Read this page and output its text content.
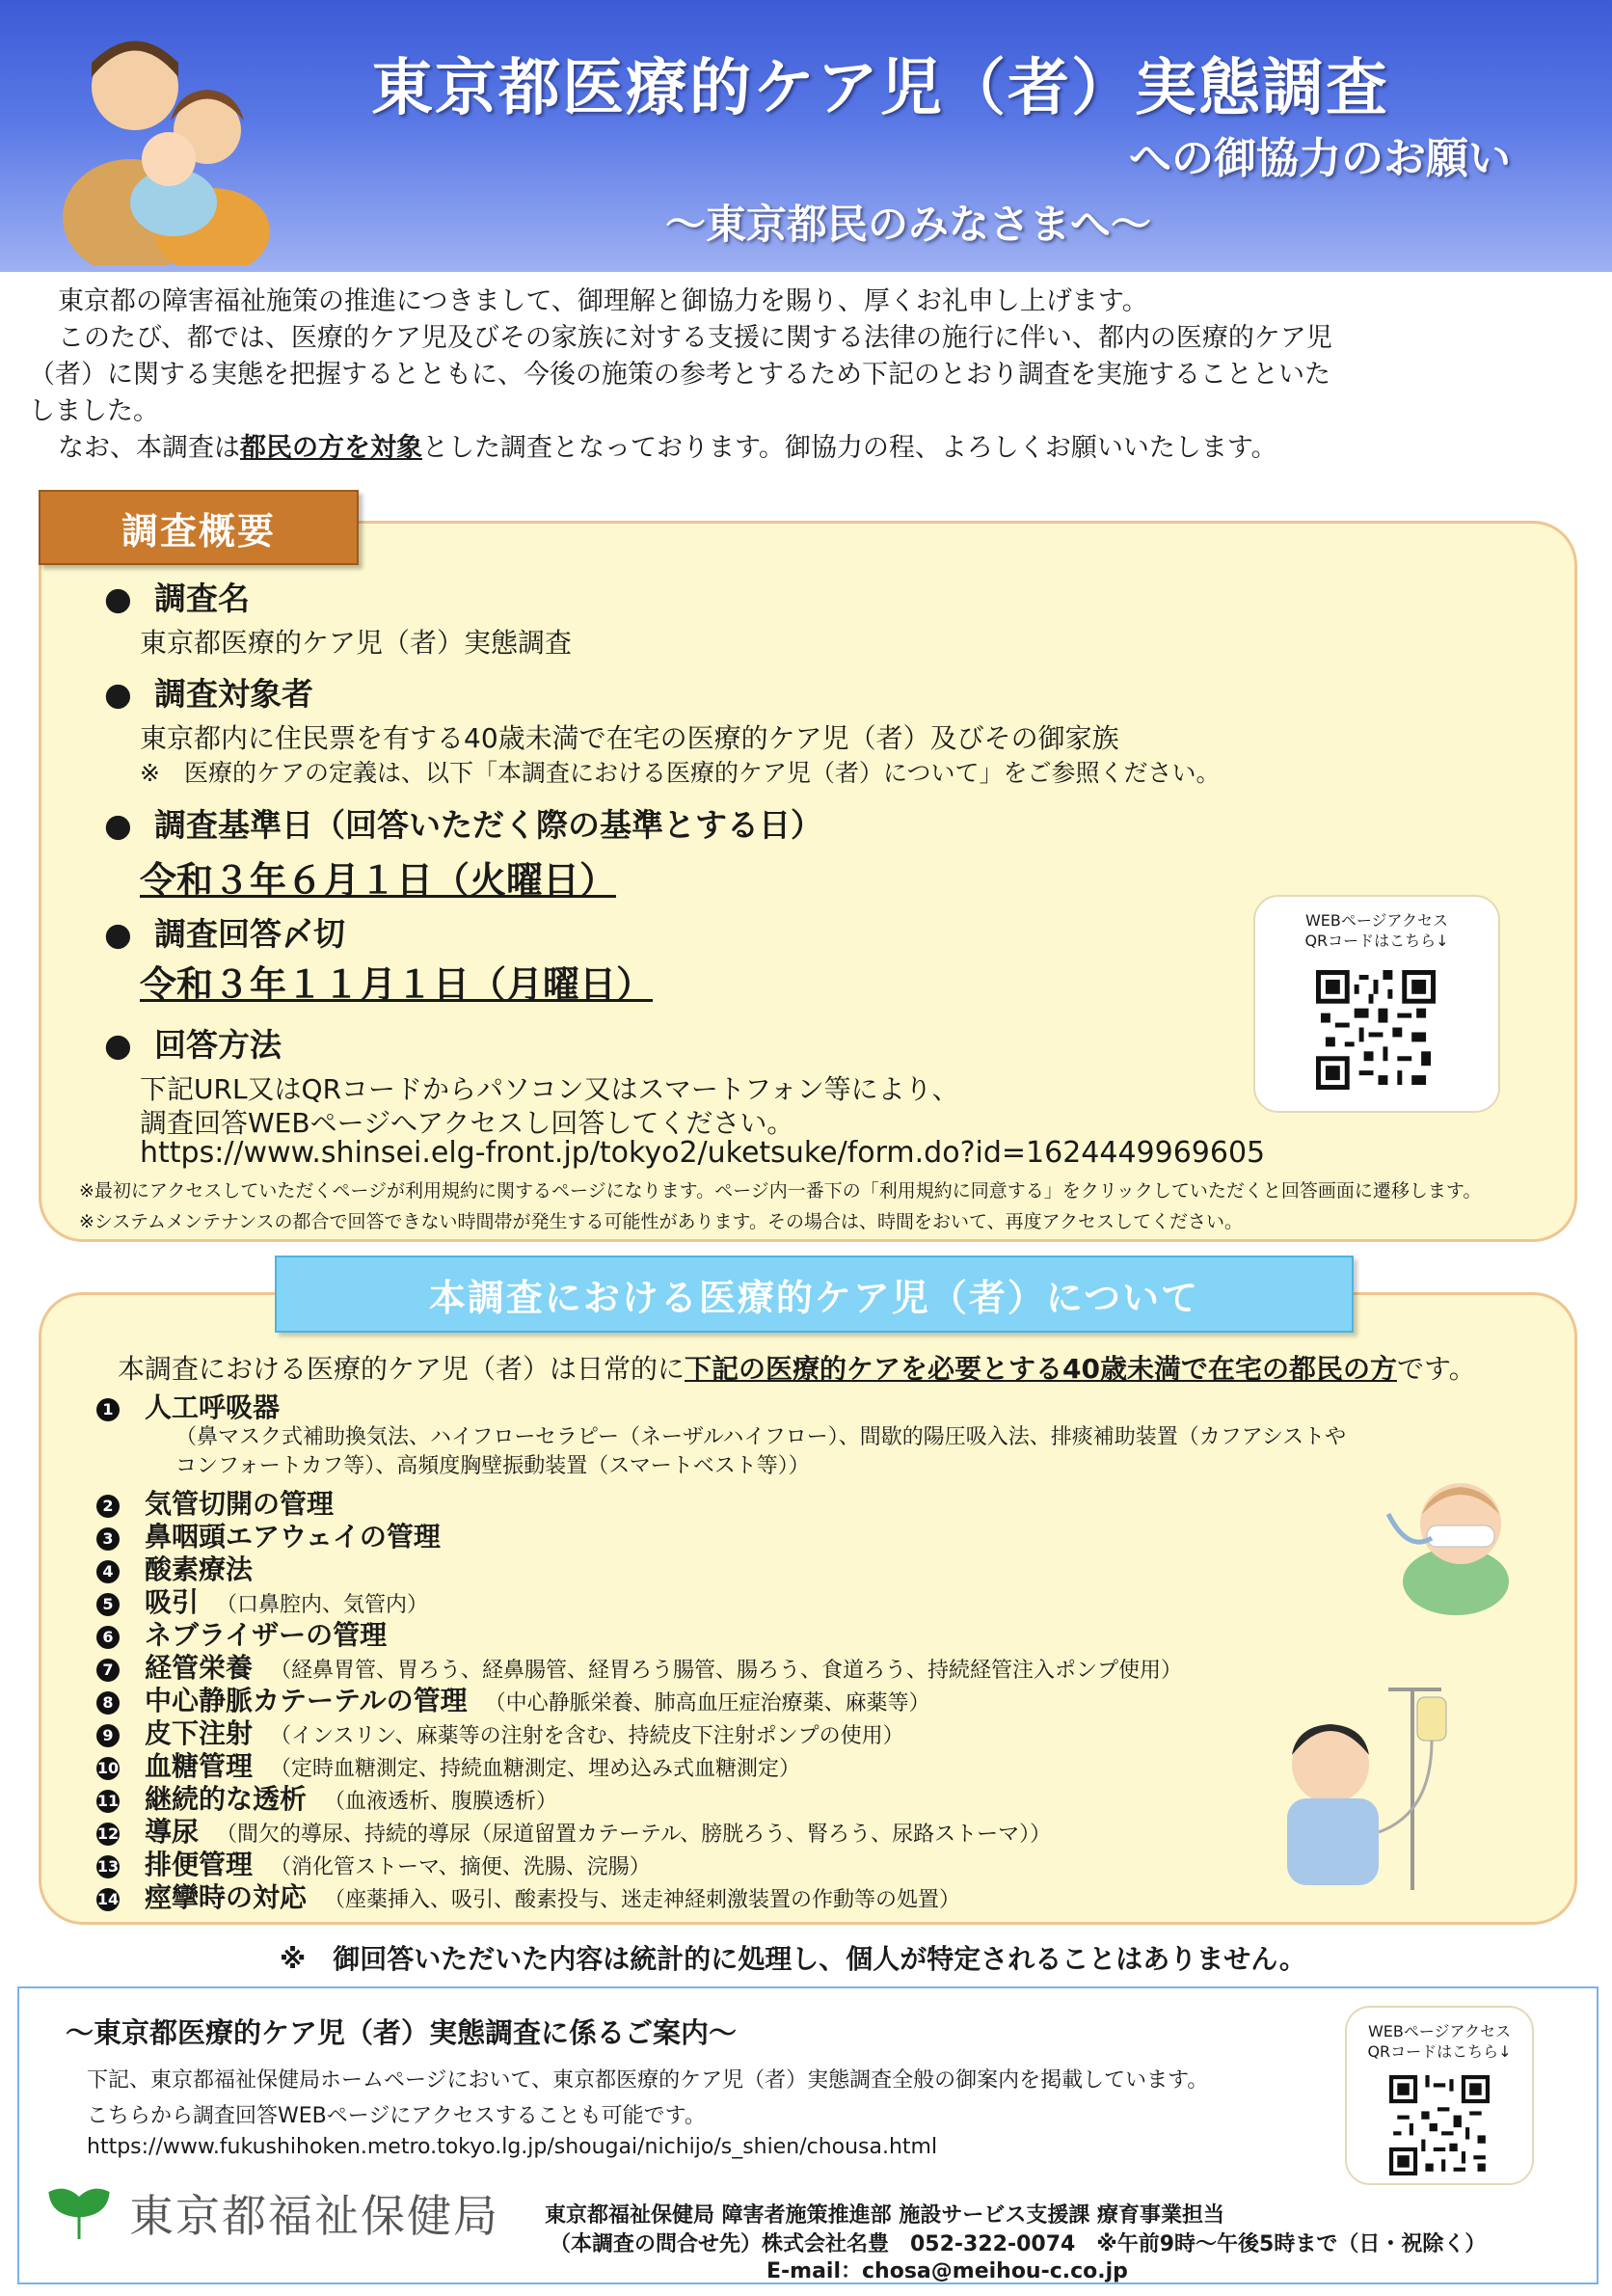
東京都医療的ケア児（者）実態調査
への御協力のお願い
～東京都民のみなさまへ～

東京都の障害福祉施策の推進につきまして、御理解と御協力を賜り、厚くお礼申し上げます。

このたび、都では、医療的ケア児及びその家族に対する支援に関する法律の施行に伴い、都内の医療的ケア児

（者）に関する実態を把握するとともに、今後の施策の参考とするため下記のとおり調査を実施することといた

しました。

なお、本調査は都民の方を対象とした調査となっております。御協力の程、よろしくお願いいたします。

調査概要
● 調査名
東京都医療的ケア児（者）実態調査
● 調査対象者
東京都内に住民票を有する40歳未満で在宅の医療的ケア児（者）及びその御家族
※　医療的ケアの定義は、以下「本調査における医療的ケア児（者）について」をご参照ください。
● 調査基準日（回答いただく際の基準とする日）
令和３年６月１日（火曜日）
● 調査回答〆切
令和３年１１月１日（月曜日）
● 回答方法
下記URL又はQRコードからパソコン又はスマートフォン等により、
調査回答WEBページへアクセスし回答してください。
https://www.shinsei.elg-front.jp/tokyo2/uketsuke/form.do?id=1624449969605
※最初にアクセスしていただくページが利用規約に関するページになります。ページ内一番下の「利用規約に同意する」をクリックしていただくと回答画面に遷移します。
※システムメンテナンスの都合で回答できない時間帯が発生する可能性があります。その場合は、時間をおいて、再度アクセスしてください。
WEBページアクセス
QRコードはこちら↓
本調査における医療的ケア児（者）について
本調査における医療的ケア児（者）は日常的に下記の医療的ケアを必要とする40歳未満で在宅の都民の方です。
1 人工呼吸器
（鼻マスク式補助換気法、ハイフローセラピー（ネーザルハイフロー）、間歇的陽圧吸入法、排痰補助装置（カフアシストや
コンフォートカフ等）、高頻度胸壁振動装置（スマートベスト等））
2 気管切開の管理
3 鼻咽頭エアウェイの管理
4 酸素療法
5 吸引 （口鼻腔内、気管内）
6 ネブライザーの管理
7 経管栄養 （経鼻胃管、胃ろう、経鼻腸管、経胃ろう腸管、腸ろう、食道ろう、持続経管注入ポンプ使用）
8 中心静脈カテーテルの管理 （中心静脈栄養、肺高血圧症治療薬、麻薬等）
9 皮下注射 （インスリン、麻薬等の注射を含む、持続皮下注射ポンプの使用）
10 血糖管理 （定時血糖測定、持続血糖測定、埋め込み式血糖測定）
11 継続的な透析 （血液透析、腹膜透析）
12 導尿 （間欠的導尿、持続的導尿（尿道留置カテーテル、膀胱ろう、腎ろう、尿路ストーマ））
13 排便管理 （消化管ストーマ、摘便、洗腸、浣腸）
14 痙攣時の対応 （座薬挿入、吸引、酸素投与、迷走神経刺激装置の作動等の処置）
※　御回答いただいた内容は統計的に処理し、個人が特定されることはありません。
～東京都医療的ケア児（者）実態調査に係るご案内～
下記、東京都福祉保健局ホームページにおいて、東京都医療的ケア児（者）実態調査全般の御案内を掲載しています。
こちらから調査回答WEBページにアクセスすることも可能です。
https://www.fukushihoken.metro.tokyo.lg.jp/shougai/nichijo/s_shien/chousa.html
WEBページアクセス
QRコードはこちら↓
東京都福祉保健局 東京都福祉保健局 障害者施策推進部 施設サービス支援課 療育事業担当
（本調査の問合せ先）株式会社名豊　052-322-0074　※午前9時～午後5時まで（日・祝除く）
E-mail：chosa@meihou-c.co.jp
